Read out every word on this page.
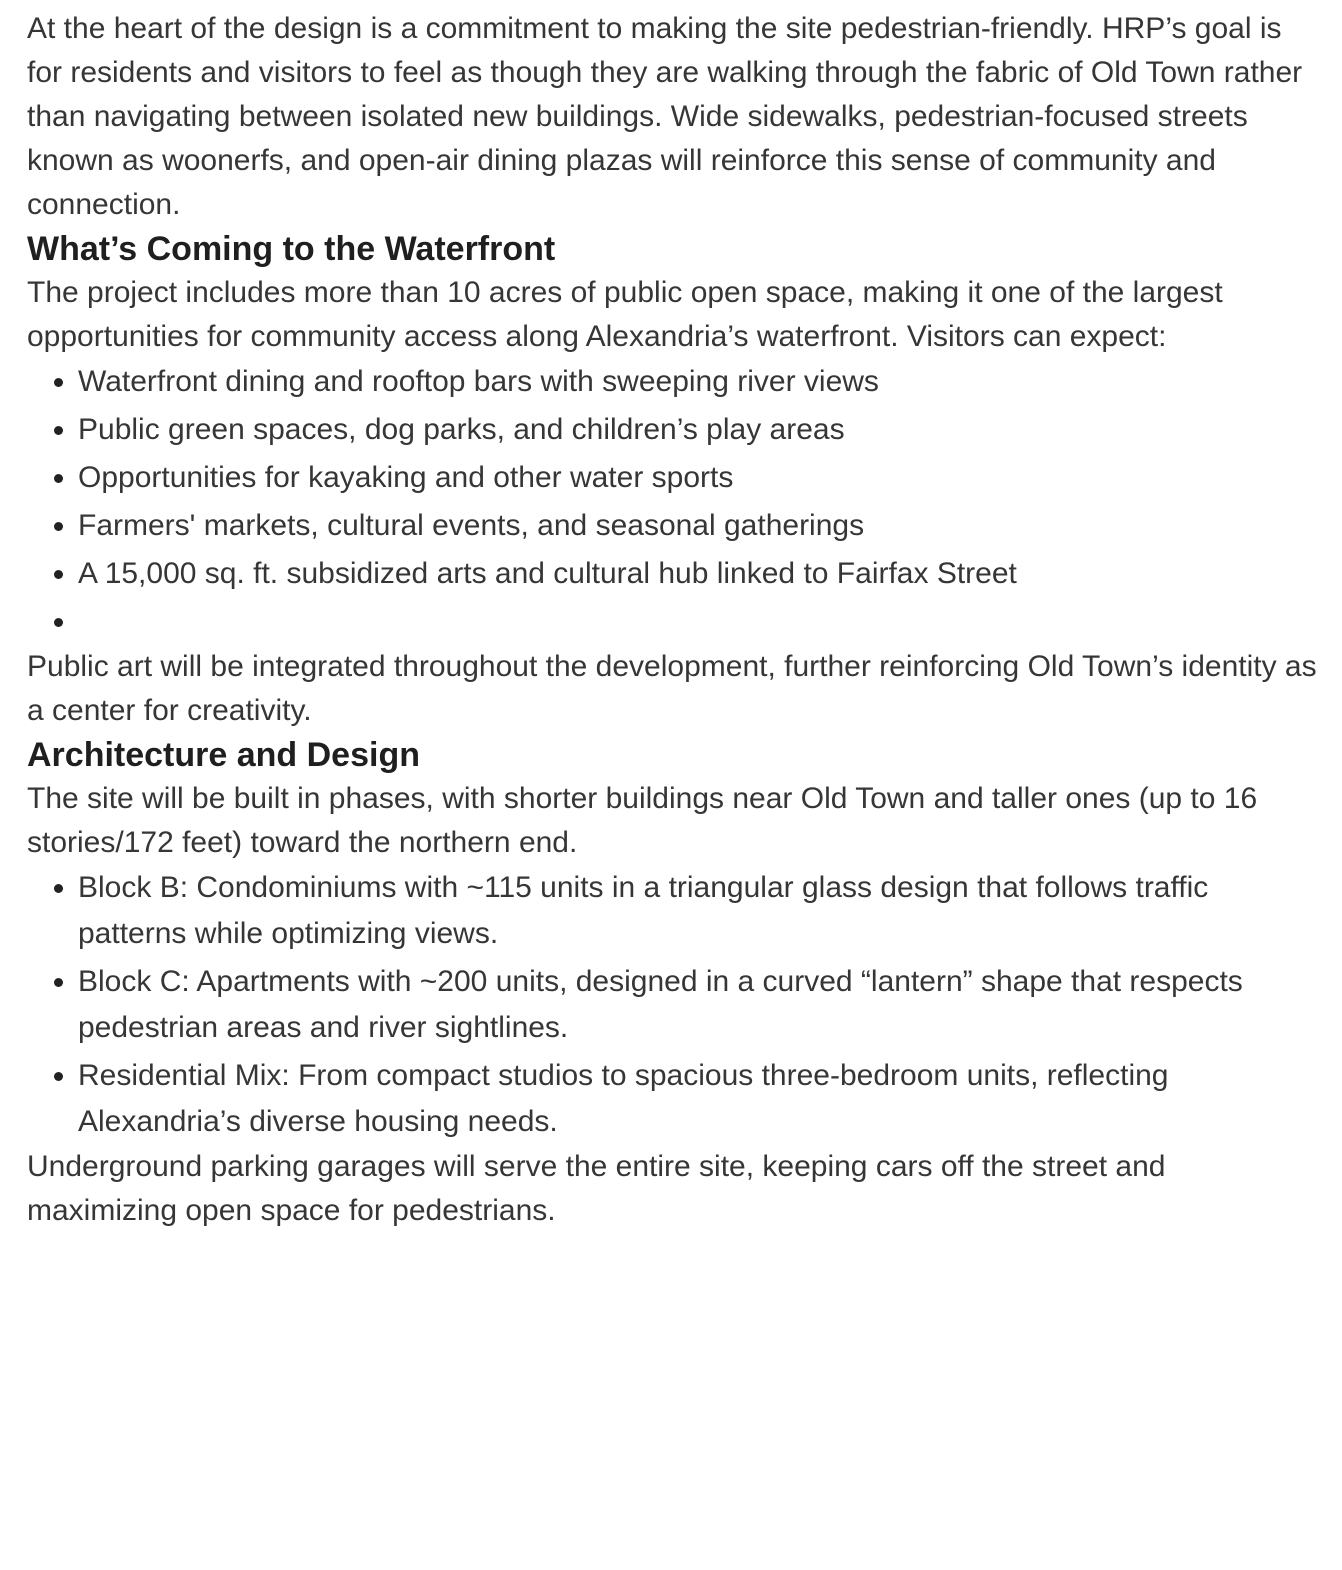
At the heart of the design is a commitment to making the site pedestrian-friendly. HRP’s goal is for residents and visitors to feel as though they are walking through the fabric of Old Town rather than navigating between isolated new buildings. Wide sidewalks, pedestrian-focused streets known as woonerfs, and open-air dining plazas will reinforce this sense of community and connection.

What’s Coming to the Waterfront

The project includes more than 10 acres of public open space, making it one of the largest opportunities for community access along Alexandria’s waterfront. Visitors can expect:

• Waterfront dining and rooftop bars with sweeping river views
• Public green spaces, dog parks, and children’s play areas
• Opportunities for kayaking and other water sports
• Farmers' markets, cultural events, and seasonal gatherings
• A 15,000 sq. ft. subsidized arts and cultural hub linked to Fairfax Street
•

Public art will be integrated throughout the development, further reinforcing Old Town’s identity as a center for creativity.

Architecture and Design

The site will be built in phases, with shorter buildings near Old Town and taller ones (up to 16 stories/172 feet) toward the northern end.

• Block B: Condominiums with ~115 units in a triangular glass design that follows traffic patterns while optimizing views.
• Block C: Apartments with ~200 units, designed in a curved “lantern” shape that respects pedestrian areas and river sightlines.
• Residential Mix: From compact studios to spacious three-bedroom units, reflecting Alexandria’s diverse housing needs.

Underground parking garages will serve the entire site, keeping cars off the street and maximizing open space for pedestrians.
